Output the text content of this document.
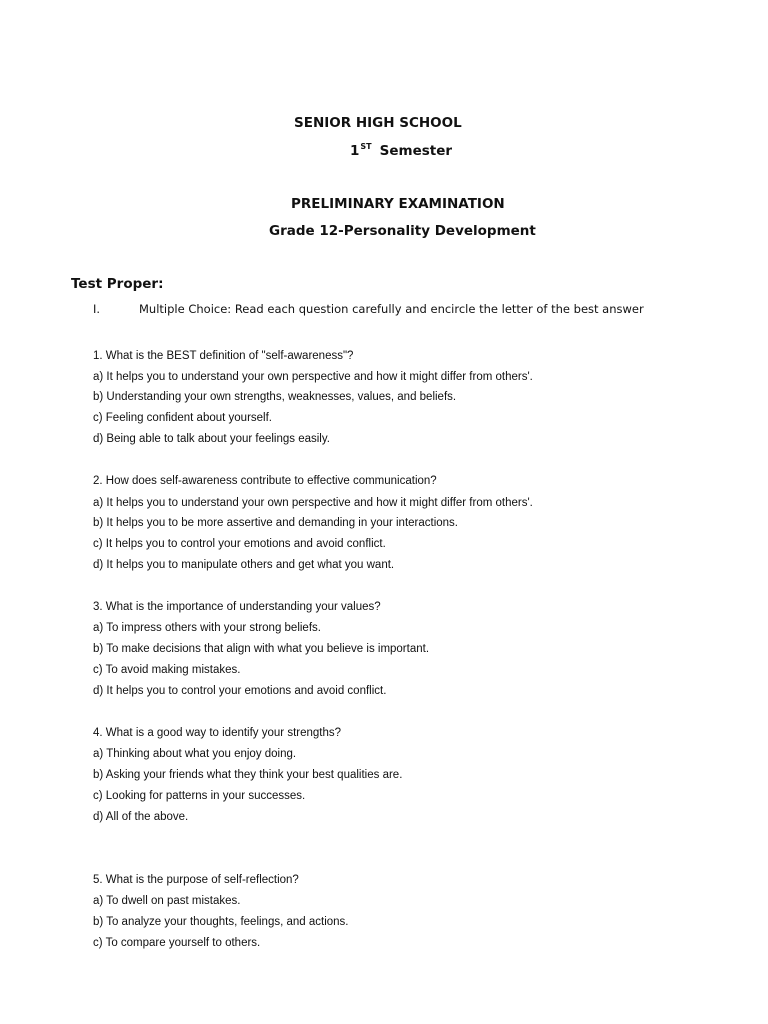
SENIOR HIGH SCHOOL
1ST Semester
PRELIMINARY EXAMINATION
Grade 12-Personality Development
Test Proper:
I.	Multiple Choice: Read each question carefully and encircle the letter of the best answer
1. What is the BEST definition of "self-awareness"?
a) It helps you to understand your own perspective and how it might differ from others'.
b) Understanding your own strengths, weaknesses, values, and beliefs.
c) Feeling confident about yourself.
d) Being able to talk about your feelings easily.
2. How does self-awareness contribute to effective communication?
a) It helps you to understand your own perspective and how it might differ from others'.
b) It helps you to be more assertive and demanding in your interactions.
c) It helps you to control your emotions and avoid conflict.
d) It helps you to manipulate others and get what you want.
3. What is the importance of understanding your values?
a) To impress others with your strong beliefs.
b) To make decisions that align with what you believe is important.
c) To avoid making mistakes.
d) It helps you to control your emotions and avoid conflict.
4. What is a good way to identify your strengths?
a) Thinking about what you enjoy doing.
b) Asking your friends what they think your best qualities are.
c) Looking for patterns in your successes.
d) All of the above.
5. What is the purpose of self-reflection?
a) To dwell on past mistakes.
b) To analyze your thoughts, feelings, and actions.
c) To compare yourself to others.
